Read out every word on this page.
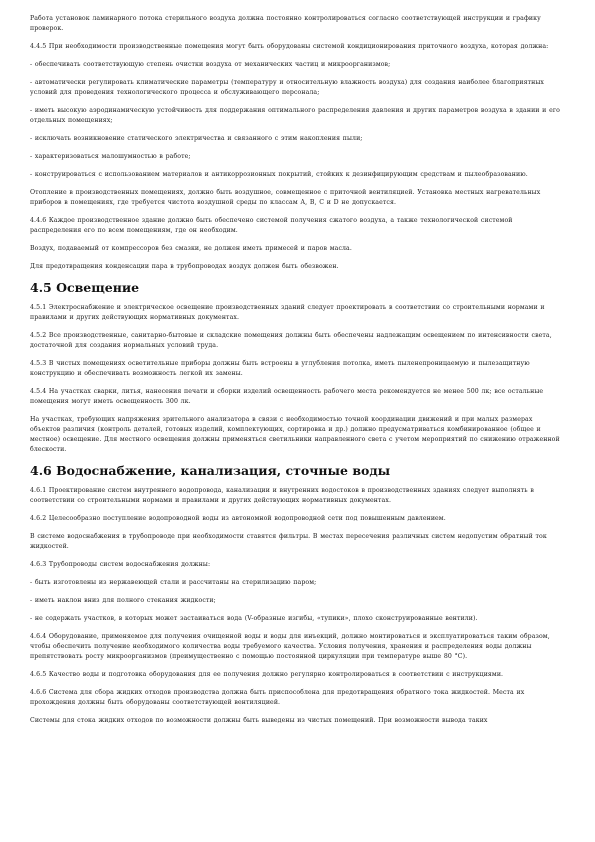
Работа установок ламинарного потока стерильного воздуха должна постоянно контролироваться согласно соответствующей инструкции и графику проверок.

4.4.5 При необходимости производственные помещения могут быть оборудованы системой кондиционирования приточного воздуха, которая должна:

- обеспечивать соответствующую степень очистки воздуха от механических частиц и микроорганизмов;

- автоматически регулировать климатические параметры (температуру и относительную влажность воздуха) для создания наиболее благоприятных условий для проведения технологического процесса и обслуживающего персонала;

- иметь высокую аэродинамическую устойчивость для поддержания оптимального распределения давления и других параметров воздуха в здании и его отдельных помещениях;

- исключать возникновение статического электричества и связанного с этим накопления пыли;

- характеризоваться малошумностью в работе;

- конструироваться с использованием материалов и антикоррозионных покрытий, стойких к дезинфицирующим средствам и пылеобразованию.

Отопление в производственных помещениях, должно быть воздушное, совмещенное с приточной вентиляцией. Установка местных нагревательных приборов в помещениях, где требуется чистота воздушной среды по классам А, В, С и D не допускается.

4.4.6 Каждое производственное здание должно быть обеспечено системой получения сжатого воздуха, а также технологической системой распределения его по всем помещениям, где он необходим.

Воздух, подаваемый от компрессоров без смазки, не должен иметь примесей и паров масла.

Для предотвращения конденсации пара в трубопроводах воздух должен быть обезвожен.

4.5 Освещение

4.5.1 Электроснабжение и электрическое освещение производственных зданий следует проектировать в соответствии со строительными нормами и правилами и других действующих нормативных документах.

4.5.2 Все производственные, санитарно-бытовые и складские помещения должны быть обеспечены надлежащим освещением по интенсивности света, достаточной для создания нормальных условий труда.

4.5.3 В чистых помещениях осветительные приборы должны быть встроены в углубления потолка, иметь пыленепроницаемую и пылезащитную конструкцию и обеспечивать возможность легкой их замены.

4.5.4 На участках сварки, литья, нанесения печати и сборки изделий освещенность рабочего места рекомендуется не менее 500 лк; все остальные помещения могут иметь освещенность 300 лк.

На участках, требующих напряжения зрительного анализатора в связи с необходимостью точной координации движений и при малых размерах объектов различия (контроль деталей, готовых изделий, комплектующих, сортировка и др.) должно предусматриваться комбинированное (общее и местное) освещение. Для местного освещения должны применяться светильники направленного света с учетом мероприятий по снижению отраженной блескости.

4.6 Водоснабжение, канализация, сточные воды

4.6.1 Проектирование систем внутреннего водопровода, канализации и внутренних водостоков в производственных зданиях следует выполнять в соответствии со строительными нормами и правилами и других действующих нормативных документах.

4.6.2 Целесообразно поступление водопроводной воды из автономной водопроводной сети под повышенным давлением.

В системе водоснабжения в трубопроводе при необходимости ставятся фильтры. В местах пересечения различных систем недопустим обратный ток жидкостей.

4.6.3 Трубопроводы систем водоснабжения должны:

- быть изготовлены из нержавеющей стали и рассчитаны на стерилизацию паром;

- иметь наклон вниз для полного стекания жидкости;

- не содержать участков, в которых может застаиваться вода (V-образные изгибы, «тупики», плохо сконструированные вентили).

4.6.4 Оборудование, применяемое для получения очищенной воды и воды для инъекций, должно монтироваться и эксплуатироваться таким образом, чтобы обеспечить получение необходимого количества воды требуемого качества. Условия получения, хранения и распределения воды должны препятствовать росту микроорганизмов (преимущественно с помощью постоянной циркуляции при температуре выше 80 °С).

4.6.5 Качество воды и подготовка оборудования для ее получения должно регулярно контролироваться в соответствии с инструкциями.

4.6.6 Система для сбора жидких отходов производства должна быть приспособлена для предотвращения обратного тока жидкостей. Места их прохождения должны быть оборудованы соответствующей вентиляцией.

Системы для стока жидких отходов по возможности должны быть выведены из чистых помещений. При возможности вывода таких
